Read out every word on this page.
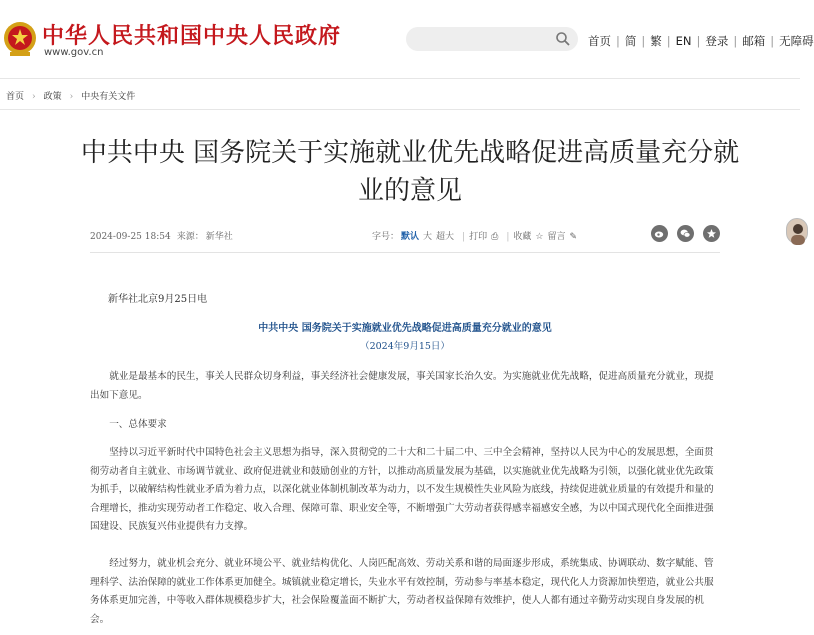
中华人民共和国中央人民政府
www.gov.cn
首页 | 简 | 繁 | EN | 登录 | 邮箱 | 无障碍
首页 › 政策 › 中央有关文件
中共中央 国务院关于实施就业优先战略促进高质量充分就业的意见
2024-09-25 18:54 来源： 新华社	字号： 默认 大 超大 | 打印 ⎙ | 收藏 ☆ 留言 ✎

新华社北京9月25日电
中共中央 国务院关于实施就业优先战略促进高质量充分就业的意见
（2024年9月15日）

就业是最基本的民生，事关人民群众切身利益，事关经济社会健康发展，事关国家长治久安。为实施就业优先战略，促进高质量充分就业，现提出如下意见。

一、总体要求

坚持以习近平新时代中国特色社会主义思想为指导，深入贯彻党的二十大和二十届二中、三中全会精神，坚持以人民为中心的发展思想，全面贯彻劳动者自主就业、市场调节就业、政府促进就业和鼓励创业的方针，以推动高质量发展为基础，以实施就业优先战略为引领，以强化就业优先政策为抓手，以破解结构性就业矛盾为着力点，以深化就业体制机制改革为动力，以不发生规模性失业风险为底线，持续促进就业质量的有效提升和量的合理增长，推动实现劳动者工作稳定、收入合理、保障可靠、职业安全等，不断增强广大劳动者获得感幸福感安全感，为以中国式现代化全面推进强国建设、民族复兴伟业提供有力支撑。

经过努力，就业机会充分、就业环境公平、就业结构优化、人岗匹配高效、劳动关系和谐的局面逐步形成，系统集成、协调联动、数字赋能、管理科学、法治保障的就业工作体系更加健全。城镇就业稳定增长，失业水平有效控制，劳动参与率基本稳定，现代化人力资源加快塑造，就业公共服务体系更加完善，中等收入群体规模稳步扩大，社会保险覆盖面不断扩大，劳动者权益保障有效维护，使人人都有通过辛勤劳动实现自身发展的机会。
